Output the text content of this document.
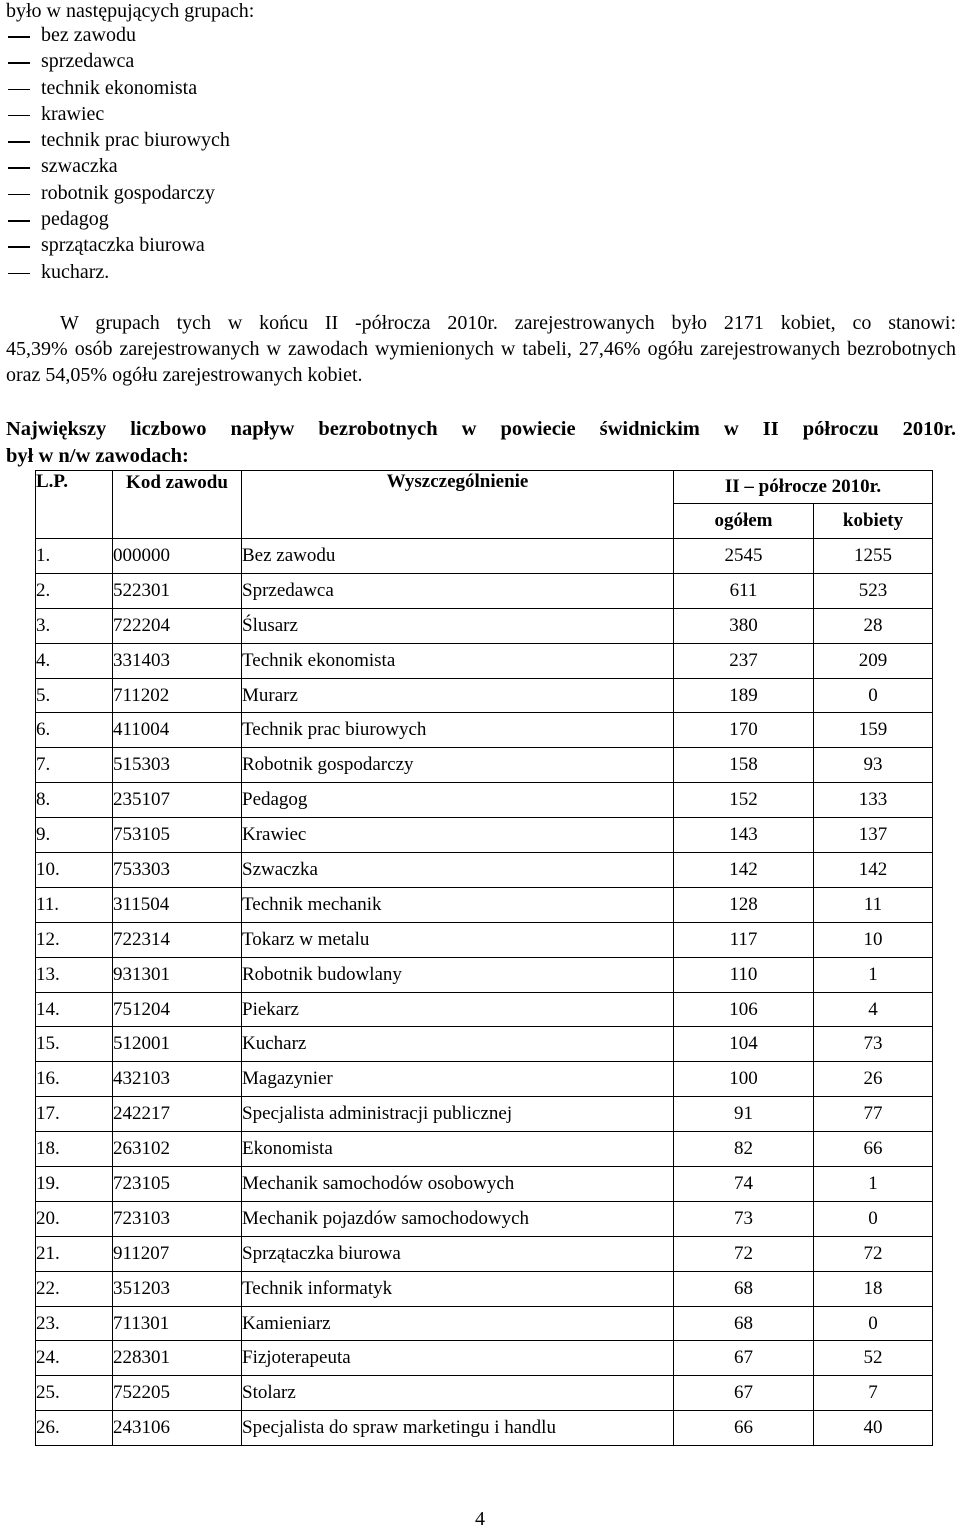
było w następujących grupach:
bez zawodu
sprzedawca
technik ekonomista
krawiec
technik prac biurowych
szwaczka
robotnik gospodarczy
pedagog
sprzątaczka biurowa
kucharz.
W grupach tych w końcu II -półrocza 2010r. zarejestrowanych było 2171 kobiet, co stanowi:
45,39% osób zarejestrowanych w zawodach wymienionych w tabeli, 27,46% ogółu zarejestrowanych bezrobotnych oraz 54,05% ogółu zarejestrowanych kobiet.
Największy liczbowo napływ bezrobotnych w powiecie świdnickim w II półroczu 2010r.
był w n/w zawodach:
L.P.	Kod zawodu	Wyszczególnienie	II – półrocze 2010r.	
			ogółem	kobiety
1.	000000	Bez zawodu	2545	1255
2.	522301	Sprzedawca	611	523
3.	722204	Ślusarz	380	28
4.	331403	Technik ekonomista	237	209
5.	711202	Murarz	189	0
6.	411004	Technik prac biurowych	170	159
7.	515303	Robotnik gospodarczy	158	93
8.	235107	Pedagog	152	133
9.	753105	Krawiec	143	137
10.	753303	Szwaczka	142	142
11.	311504	Technik mechanik	128	11
12.	722314	Tokarz w metalu	117	10
13.	931301	Robotnik budowlany	110	1
14.	751204	Piekarz	106	4
15.	512001	Kucharz	104	73
16.	432103	Magazynier	100	26
17.	242217	Specjalista administracji publicznej	91	77
18.	263102	Ekonomista	82	66
19.	723105	Mechanik samochodów osobowych	74	1
20.	723103	Mechanik pojazdów samochodowych	73	0
21.	911207	Sprzątaczka biurowa	72	72
22.	351203	Technik informatyk	68	18
23.	711301	Kamieniarz	68	0
24.	228301	Fizjoterapeuta	67	52
25.	752205	Stolarz	67	7
26.	243106	Specjalista do spraw marketingu i handlu	66	40
4
